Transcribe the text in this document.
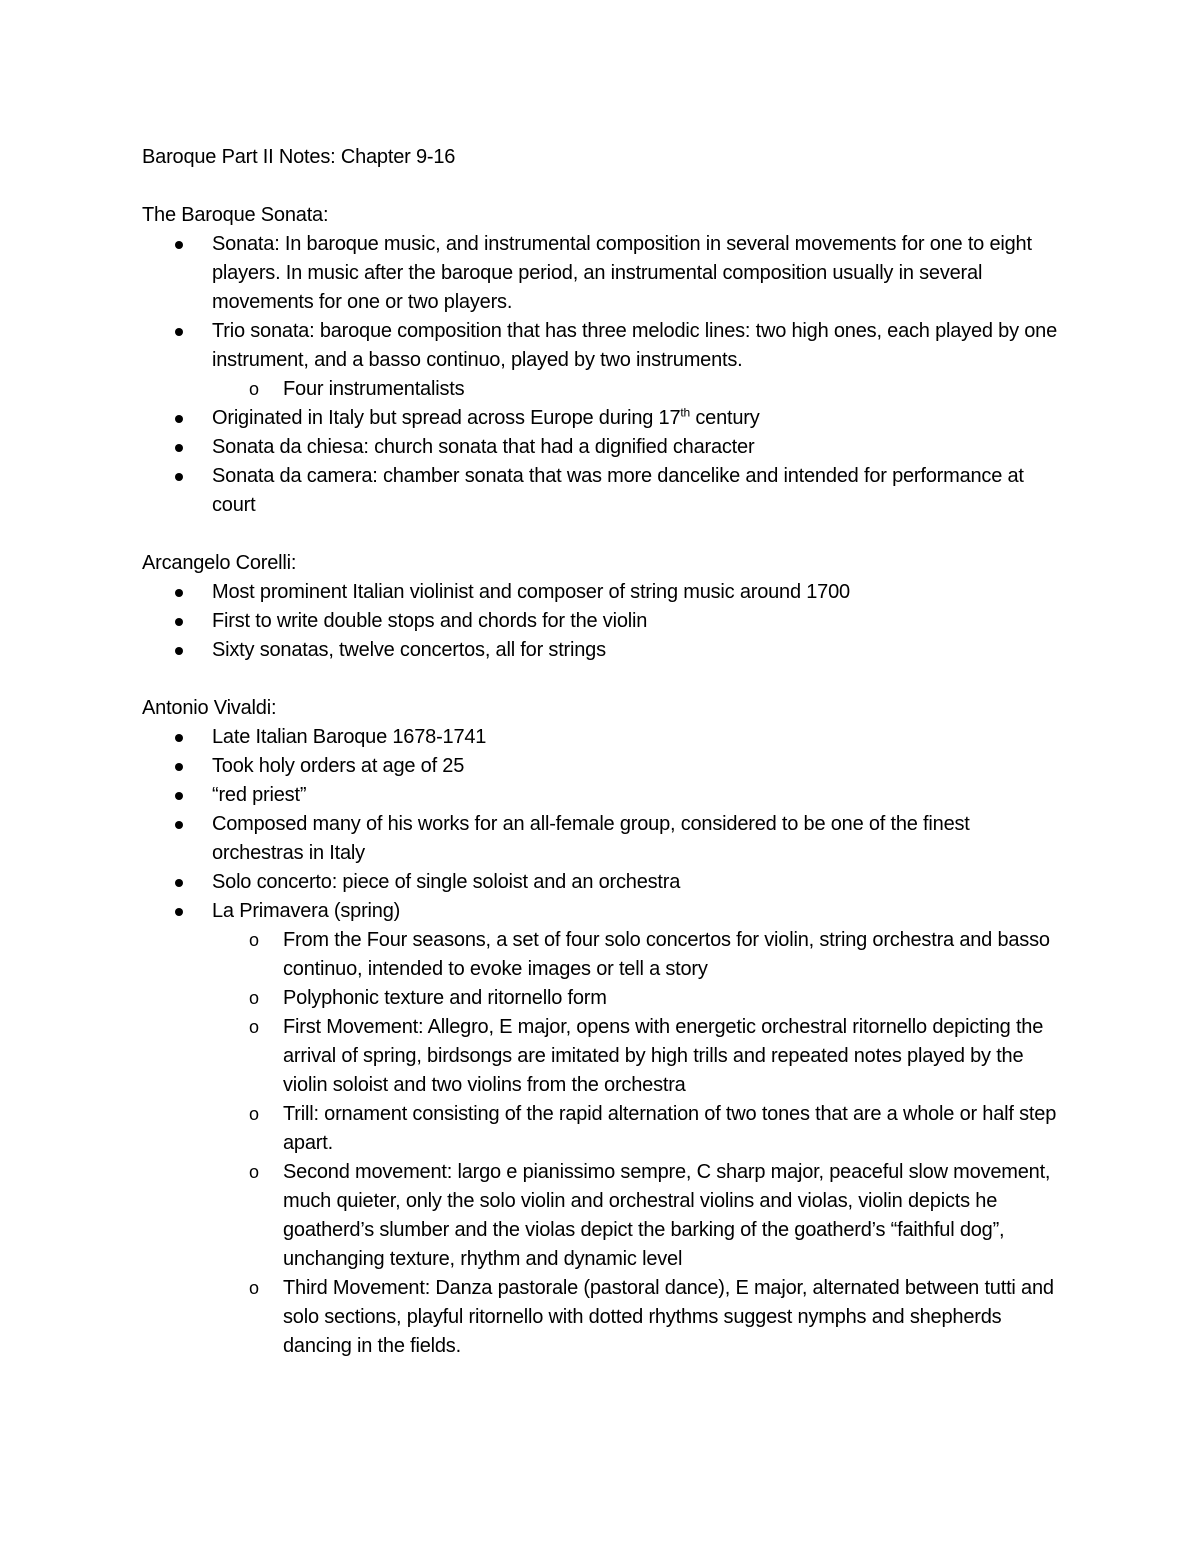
Baroque Part II Notes: Chapter 9-16

The Baroque Sonata:

Sonata: In baroque music, and instrumental composition in several movements for one to eight players. In music after the baroque period, an instrumental composition usually in several movements for one or two players.
Trio sonata: baroque composition that has three melodic lines: two high ones, each played by one instrument, and a basso continuo, played by two instruments.
o Four instrumentalists
Originated in Italy but spread across Europe during 17th century
Sonata da chiesa: church sonata that had a dignified character
Sonata da camera: chamber sonata that was more dancelike and intended for performance at court

Arcangelo Corelli:

Most prominent Italian violinist and composer of string music around 1700
First to write double stops and chords for the violin
Sixty sonatas, twelve concertos, all for strings

Antonio Vivaldi:

Late Italian Baroque 1678-1741
Took holy orders at age of 25
“red priest”
Composed many of his works for an all-female group, considered to be one of the finest orchestras in Italy
Solo concerto: piece of single soloist and an orchestra
La Primavera (spring)
o From the Four seasons, a set of four solo concertos for violin, string orchestra and basso continuo, intended to evoke images or tell a story
o Polyphonic texture and ritornello form
o First Movement: Allegro, E major, opens with energetic orchestral ritornello depicting the arrival of spring, birdsongs are imitated by high trills and repeated notes played by the violin soloist and two violins from the orchestra
o Trill: ornament consisting of the rapid alternation of two tones that are a whole or half step apart.
o Second movement: largo e pianissimo sempre, C sharp major, peaceful slow movement, much quieter, only the solo violin and orchestral violins and violas, violin depicts he goatherd’s slumber and the violas depict the barking of the goatherd’s “faithful dog”, unchanging texture, rhythm and dynamic level
o Third Movement: Danza pastorale (pastoral dance), E major, alternated between tutti and solo sections, playful ritornello with dotted rhythms suggest nymphs and shepherds dancing in the fields.
